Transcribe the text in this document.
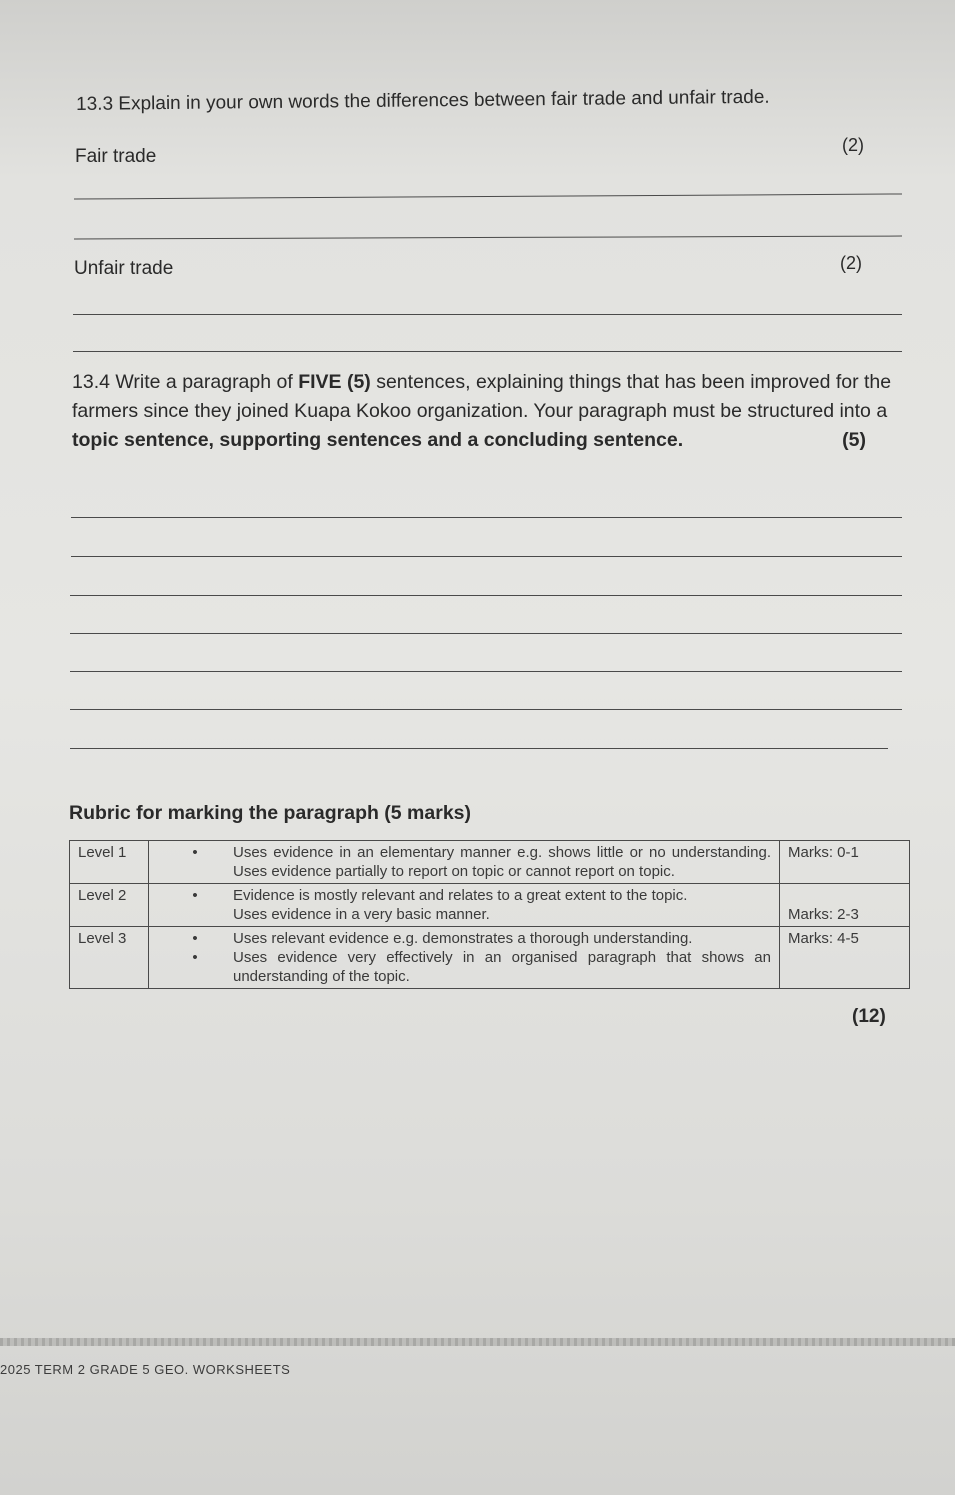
13.3 Explain in your own words the differences between fair trade and unfair trade.
Fair trade
(2)
Unfair trade	(2)
13.4 Write a paragraph of FIVE (5) sentences, explaining things that has been improved for the farmers since they joined Kuapa Kokoo organization. Your paragraph must be structured into a topic sentence, supporting sentences and a concluding sentence.	(5)
Rubric for marking the paragraph (5 marks)
Level 1	• Uses evidence in an elementary manner e.g. shows little or no understanding. Uses evidence partially to report on topic or cannot report on topic.	Marks: 0-1
Level 2	• Evidence is mostly relevant and relates to a great extent to the topic.
Uses evidence in a very basic manner.	Marks: 2-3
Level 3	• Uses relevant evidence e.g. demonstrates a thorough understanding.
• Uses evidence very effectively in an organised paragraph that shows an understanding of the topic.	Marks: 4-5
(12)
2025 TERM 2 GRADE 5 GEO. WORKSHEETS
